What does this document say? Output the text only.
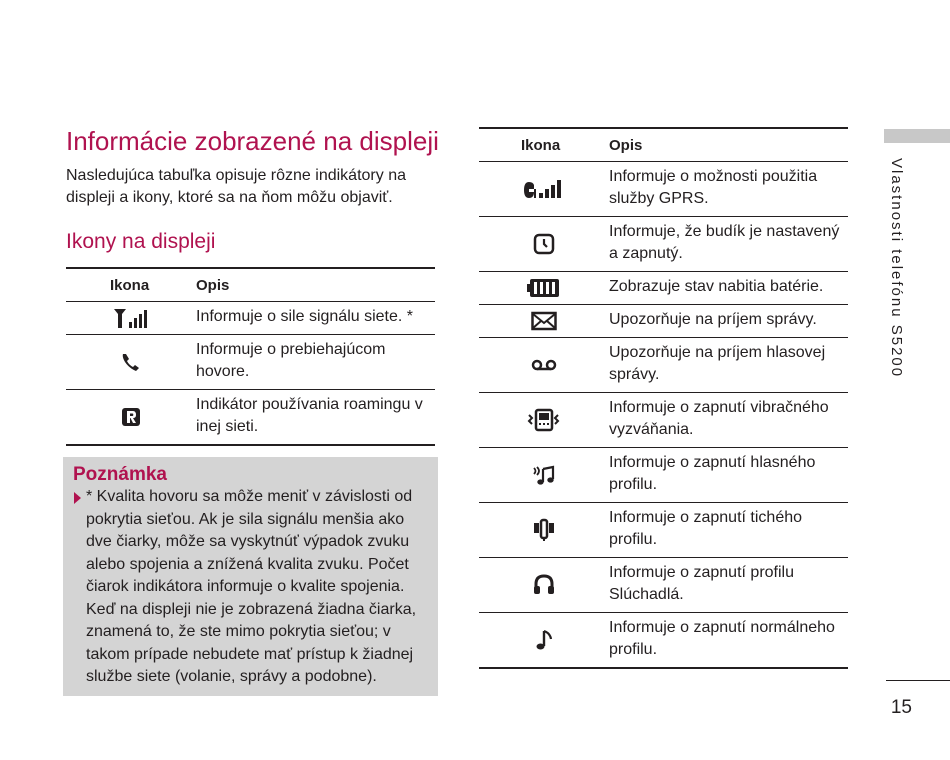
Informácie zobrazené na displeji
Nasledujúca tabuľka opisuje rôzne indikátory na displeji a ikony, ktoré sa na ňom môžu objaviť.
Ikony na displeji
Ikona	Opis
	Informuje o sile signálu siete. *
	Informuje o prebiehajúcom hovore.
	Indikátor používania roamingu v inej sieti.
Poznámka
* Kvalita hovoru sa môže meniť v závislosti od pokrytia sieťou. Ak je sila signálu menšia ako dve čiarky, môže sa vyskytnúť výpadok zvuku alebo spojenia a znížená kvalita zvuku. Počet čiarok indikátora informuje o kvalite spojenia. Keď na displeji nie je zobrazená žiadna čiarka, znamená to, že ste mimo pokrytia sieťou; v takom prípade nebudete mať prístup k žiadnej službe siete (volanie, správy a podobne).
Ikona	Opis
	Informuje o možnosti použitia služby GPRS.
	Informuje, že budík je nastavený a zapnutý.
	Zobrazuje stav nabitia batérie.
	Upozorňuje na príjem správy.
	Upozorňuje na príjem hlasovej správy.
	Informuje o zapnutí vibračného vyzváňania.
	Informuje o zapnutí hlasného profilu.
	Informuje o zapnutí tichého profilu.
	Informuje o zapnutí profilu Slúchadlá.
	Informuje o zapnutí normálneho profilu.
Vlastnosti telefónu S5200
15
